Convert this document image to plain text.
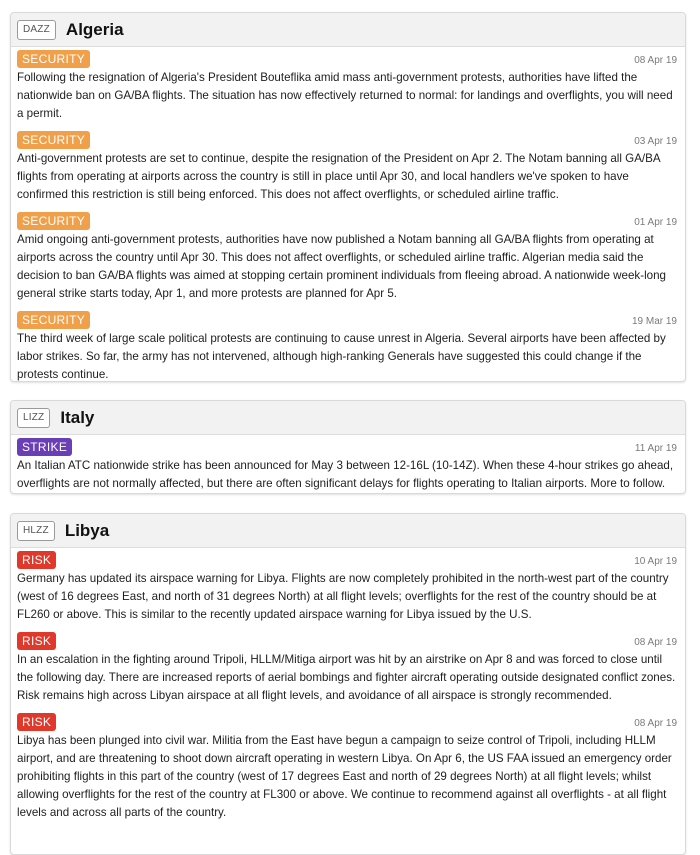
DAZZ Algeria
SECURITY	08 Apr 19
Following the resignation of Algeria's President Bouteflika amid mass anti-government protests, authorities have lifted the nationwide ban on GA/BA flights. The situation has now effectively returned to normal: for landings and overflights, you will need a permit.
SECURITY	03 Apr 19
Anti-government protests are set to continue, despite the resignation of the President on Apr 2. The Notam banning all GA/BA flights from operating at airports across the country is still in place until Apr 30, and local handlers we've spoken to have confirmed this restriction is still being enforced. This does not affect overflights, or scheduled airline traffic.
SECURITY	01 Apr 19
Amid ongoing anti-government protests, authorities have now published a Notam banning all GA/BA flights from operating at airports across the country until Apr 30. This does not affect overflights, or scheduled airline traffic. Algerian media said the decision to ban GA/BA flights was aimed at stopping certain prominent individuals from fleeing abroad. A nationwide week-long general strike starts today, Apr 1, and more protests are planned for Apr 5.
SECURITY	19 Mar 19
The third week of large scale political protests are continuing to cause unrest in Algeria. Several airports have been affected by labor strikes. So far, the army has not intervened, although high-ranking Generals have suggested this could change if the protests continue.
LIZZ Italy
STRIKE	11 Apr 19
An Italian ATC nationwide strike has been announced for May 3 between 12-16L (10-14Z). When these 4-hour strikes go ahead, overflights are not normally affected, but there are often significant delays for flights operating to Italian airports. More to follow.
HLZZ Libya
RISK	10 Apr 19
Germany has updated its airspace warning for Libya. Flights are now completely prohibited in the north-west part of the country (west of 16 degrees East, and north of 31 degrees North) at all flight levels; overflights for the rest of the country should be at FL260 or above. This is similar to the recently updated airspace warning for Libya issued by the U.S.
RISK	08 Apr 19
In an escalation in the fighting around Tripoli, HLLM/Mitiga airport was hit by an airstrike on Apr 8 and was forced to close until the following day. There are increased reports of aerial bombings and fighter aircraft operating outside designated conflict zones. Risk remains high across Libyan airspace at all flight levels, and avoidance of all airspace is strongly recommended.
RISK	08 Apr 19
Libya has been plunged into civil war. Militia from the East have begun a campaign to seize control of Tripoli, including HLLM airport, and are threatening to shoot down aircraft operating in western Libya. On Apr 6, the US FAA issued an emergency order prohibiting flights in this part of the country (west of 17 degrees East and north of 29 degrees North) at all flight levels; whilst allowing overflights for the rest of the country at FL300 or above. We continue to recommend against all overflights - at all flight levels and across all parts of the country.
